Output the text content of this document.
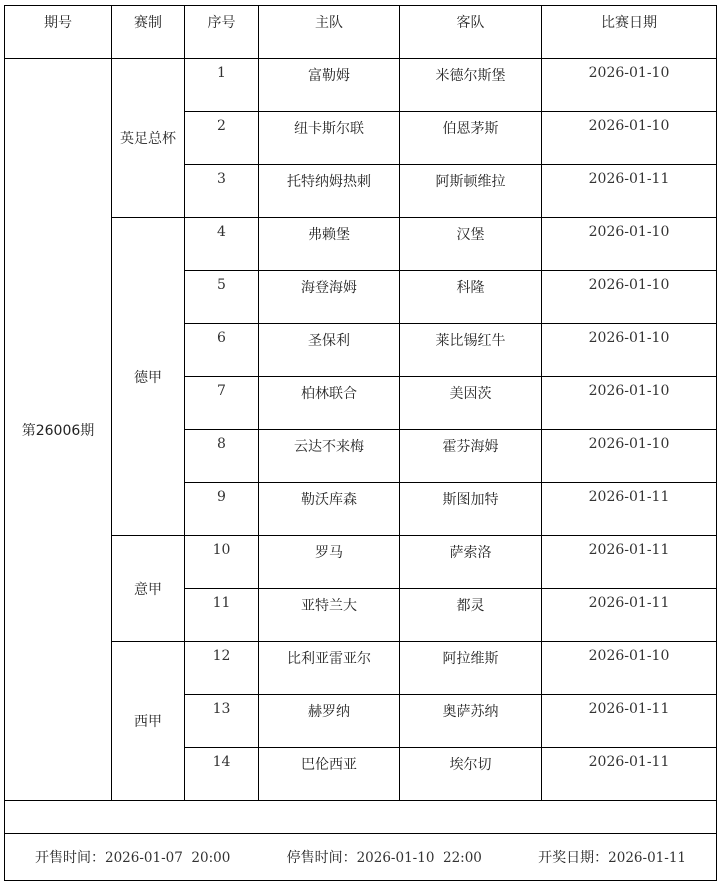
期号	赛制	序号	主队	客队	比赛日期
第26006期	英足总杯	1	富勒姆	米德尔斯堡	2026-01-10
		2	纽卡斯尔联	伯恩茅斯	2026-01-10
		3	托特纳姆热刺	阿斯顿维拉	2026-01-11
	德甲	4	弗赖堡	汉堡	2026-01-10
		5	海登海姆	科隆	2026-01-10
		6	圣保利	莱比锡红牛	2026-01-10
		7	柏林联合	美因茨	2026-01-10
		8	云达不来梅	霍芬海姆	2026-01-10
		9	勒沃库森	斯图加特	2026-01-11
	意甲	10	罗马	萨索洛	2026-01-11
		11	亚特兰大	都灵	2026-01-11
	西甲	12	比利亚雷亚尔	阿拉维斯	2026-01-10
		13	赫罗纳	奥萨苏纳	2026-01-11
		14	巴伦西亚	埃尔切	2026-01-11

开售时间：2026-01-07  20:00 停售时间：2026-01-10  22:00 开奖日期：2026-01-11					
